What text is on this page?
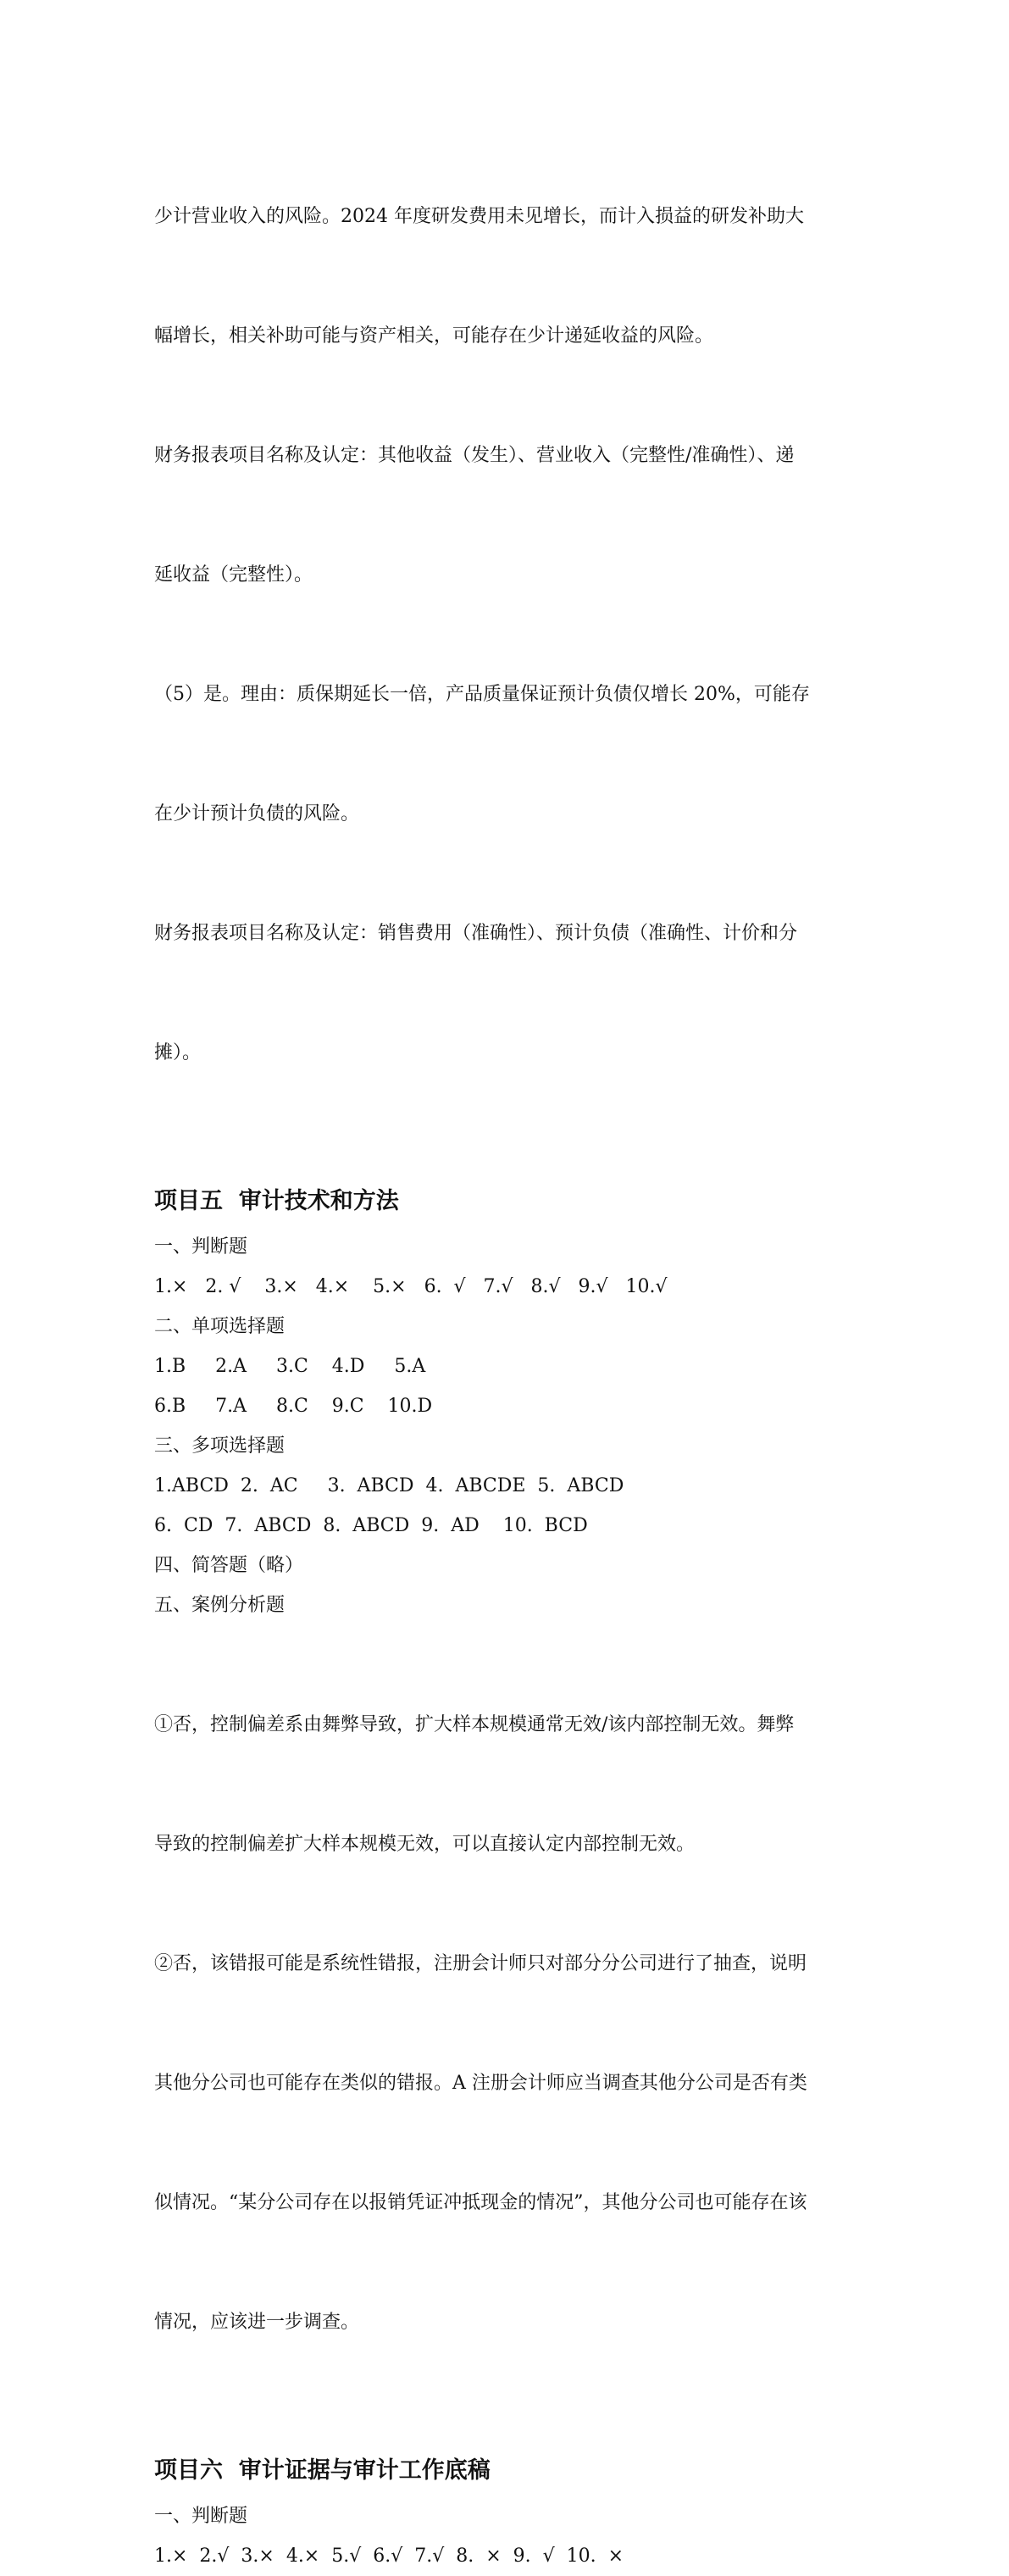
少计营业收入的风险。2024 年度研发费用未见增长，而计入损益的研发补助大

幅增长，相关补助可能与资产相关，可能存在少计递延收益的风险。

财务报表项目名称及认定：其他收益（发生）、营业收入（完整性/准确性）、递

延收益（完整性）。

（5）是。理由：质保期延长一倍，产品质量保证预计负债仅增长 20%，可能存

在少计预计负债的风险。

财务报表项目名称及认定：销售费用（准确性）、预计负债（准确性、计价和分

摊）。

项目五  审计技术和方法

一、判断题

1.×   2. √    3.×   4.×    5.×   6.  √   7.√   8.√   9.√   10.√

二、单项选择题

1.B     2.A     3.C    4.D     5.A

6.B     7.A     8.C    9.C    10.D

三、多项选择题

1.ABCD  2.  AC     3.  ABCD  4.  ABCDE  5.  ABCD

6.  CD  7.  ABCD  8.  ABCD  9.  AD    10.  BCD

四、简答题（略）

五、案例分析题

①否，控制偏差系由舞弊导致，扩大样本规模通常无效/该内部控制无效。舞弊

导致的控制偏差扩大样本规模无效，可以直接认定内部控制无效。

②否，该错报可能是系统性错报，注册会计师只对部分分公司进行了抽查，说明

其他分公司也可能存在类似的错报。A 注册会计师应当调查其他分公司是否有类

似情况。“某分公司存在以报销凭证冲抵现金的情况”，其他分公司也可能存在该

情况，应该进一步调查。

项目六  审计证据与审计工作底稿

一、判断题

1.×  2.√  3.×  4.×  5.√  6.√  7.√  8.  ×  9.  √  10.  ×
